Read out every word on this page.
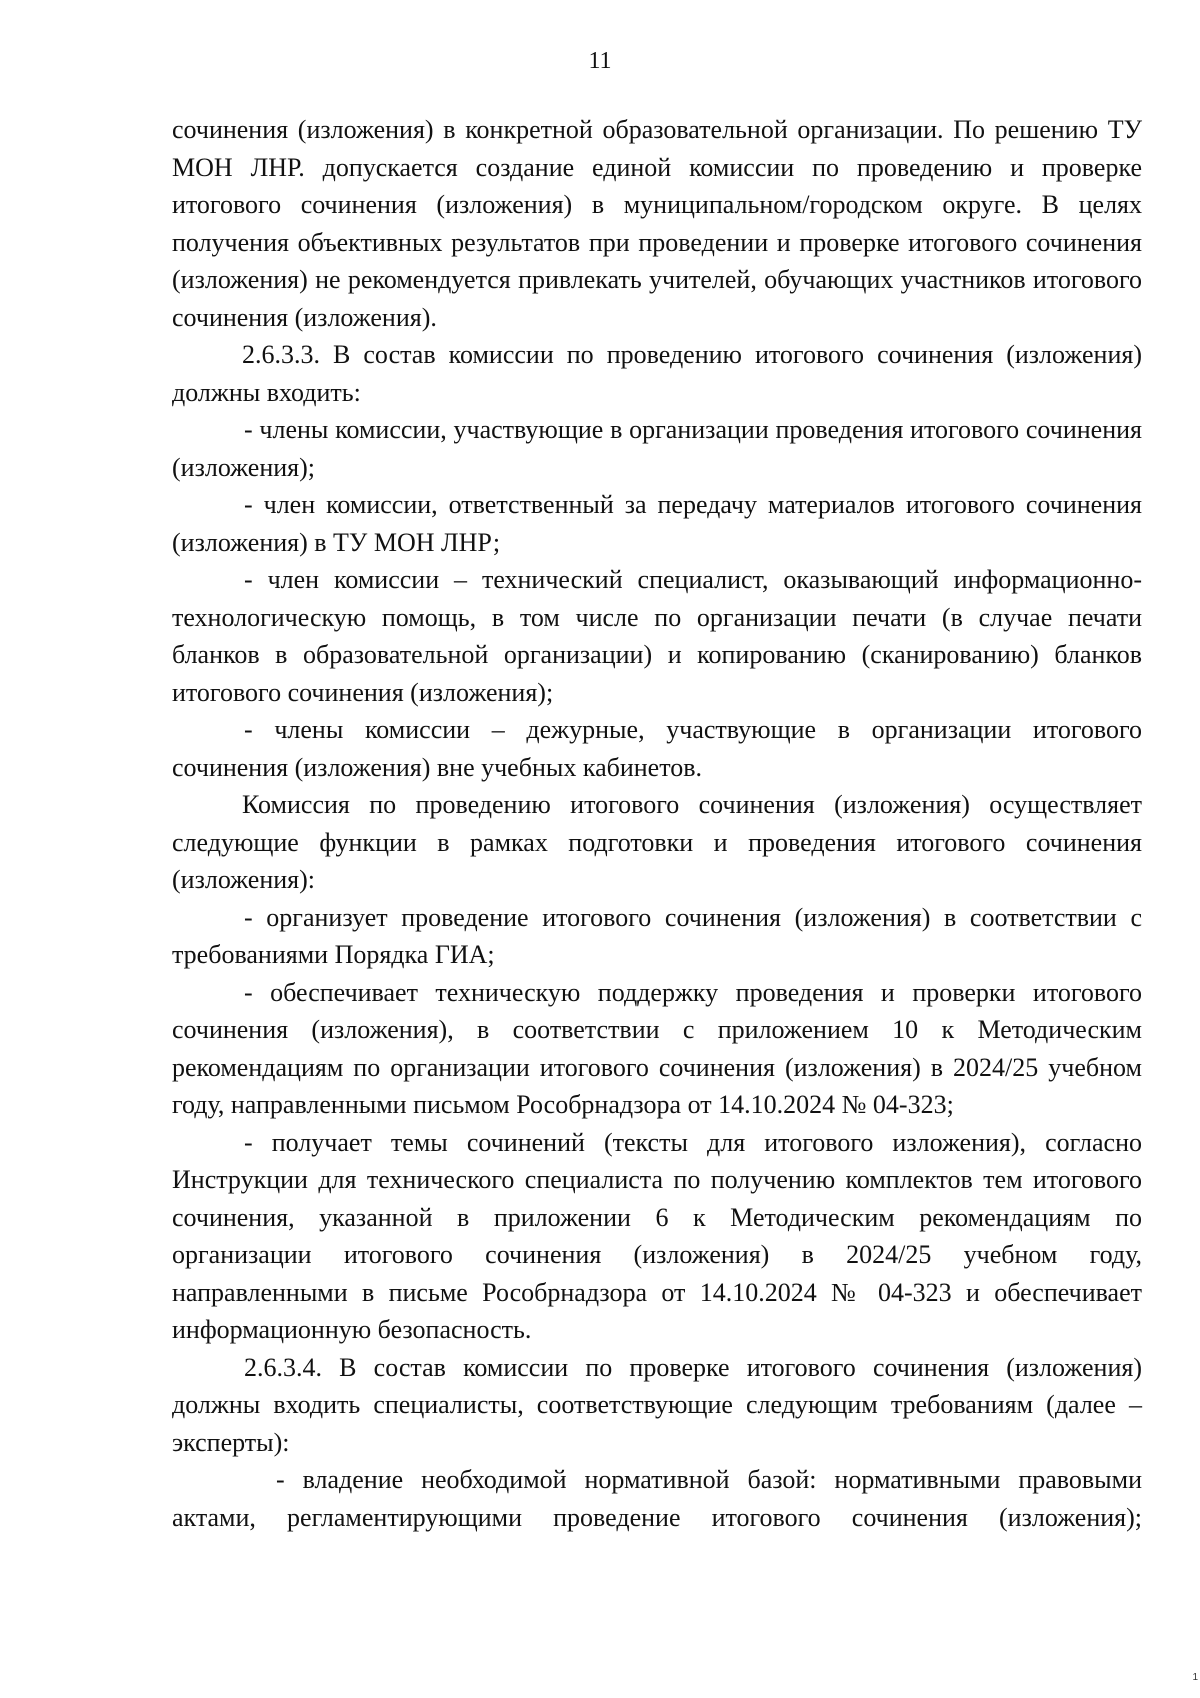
11

сочинения (изложения) в конкретной образовательной организации. По решению ТУ МОН ЛНР. допускается создание единой комиссии по проведению и проверке итогового сочинения (изложения) в муниципальном/городском округе. В целях получения объективных результатов при проведении и проверке итогового сочинения (изложения) не рекомендуется привлекать учителей, обучающих участников итогового сочинения (изложения).

2.6.3.3. В состав комиссии по проведению итогового сочинения (изложения) должны входить:

- члены комиссии, участвующие в организации проведения итогового сочинения (изложения);

- член комиссии, ответственный за передачу материалов итогового сочинения (изложения) в ТУ МОН ЛНР;

- член комиссии – технический специалист, оказывающий информационно- технологическую помощь, в том числе по организации печати (в случае печати бланков в образовательной организации) и копированию (сканированию) бланков итогового сочинения (изложения);

- члены комиссии – дежурные, участвующие в организации итогового сочинения (изложения) вне учебных кабинетов.

Комиссия по проведению итогового сочинения (изложения) осуществляет следующие функции в рамках подготовки и проведения итогового сочинения (изложения):

- организует проведение итогового сочинения (изложения) в соответствии с требованиями Порядка ГИА;

- обеспечивает техническую поддержку проведения и проверки итогового сочинения (изложения), в соответствии с приложением 10 к Методическим рекомендациям по организации итогового сочинения (изложения) в 2024/25 учебном году, направленными письмом Рособрнадзора от 14.10.2024 № 04-323;

- получает темы сочинений (тексты для итогового изложения), согласно Инструкции для технического специалиста по получению комплектов тем итогового сочинения, указанной в приложении 6 к Методическим рекомендациям по организации итогового сочинения (изложения) в 2024/25 учебном году, направленными в письме Рособрнадзора от 14.10.2024 № 04-323 и обеспечивает информационную безопасность.

2.6.3.4. В состав комиссии по проверке итогового сочинения (изложения) должны входить специалисты, соответствующие следующим требованиям (далее – эксперты):

- владение необходимой нормативной базой: нормативными правовыми актами, регламентирующими проведение итогового сочинения (изложения);

1
